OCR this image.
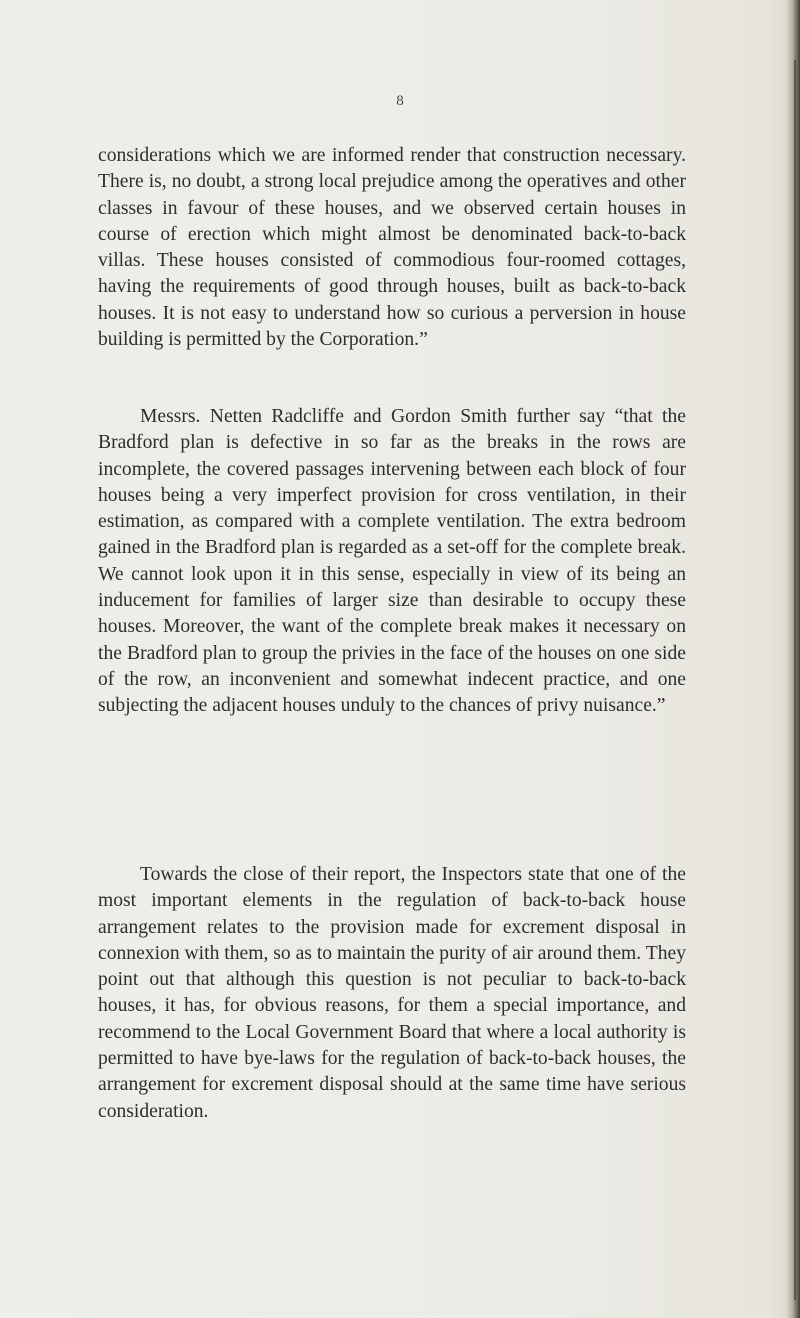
8

considerations which we are informed render that construction necessary. There is, no doubt, a strong local prejudice among the operatives and other classes in favour of these houses, and we observed certain houses in course of erection which might almost be denominated back-to-back villas. These houses consisted of commodious four-roomed cottages, having the requirements of good through houses, built as back-to-back houses. It is not easy to understand how so curious a perversion in house building is permitted by the Corporation.”

Messrs. Netten Radcliffe and Gordon Smith further say “that the Bradford plan is defective in so far as the breaks in the rows are incomplete, the covered passages intervening between each block of four houses being a very imperfect provision for cross ventilation, in their estimation, as compared with a complete ventilation. The extra bedroom gained in the Bradford plan is regarded as a set-off for the complete break. We cannot look upon it in this sense, especially in view of its being an inducement for families of larger size than desirable to occupy these houses. Moreover, the want of the complete break makes it necessary on the Bradford plan to group the privies in the face of the houses on one side of the row, an inconvenient and somewhat indecent practice, and one subjecting the adjacent houses unduly to the chances of privy nuisance.”

Towards the close of their report, the Inspectors state that one of the most important elements in the regulation of back-to-back house arrangement relates to the provision made for excrement disposal in connexion with them, so as to maintain the purity of air around them. They point out that although this question is not peculiar to back-to-back houses, it has, for obvious reasons, for them a special importance, and recommend to the Local Government Board that where a local authority is permitted to have bye-laws for the regulation of back-to-back houses, the arrangement for excrement disposal should at the same time have serious consideration.
